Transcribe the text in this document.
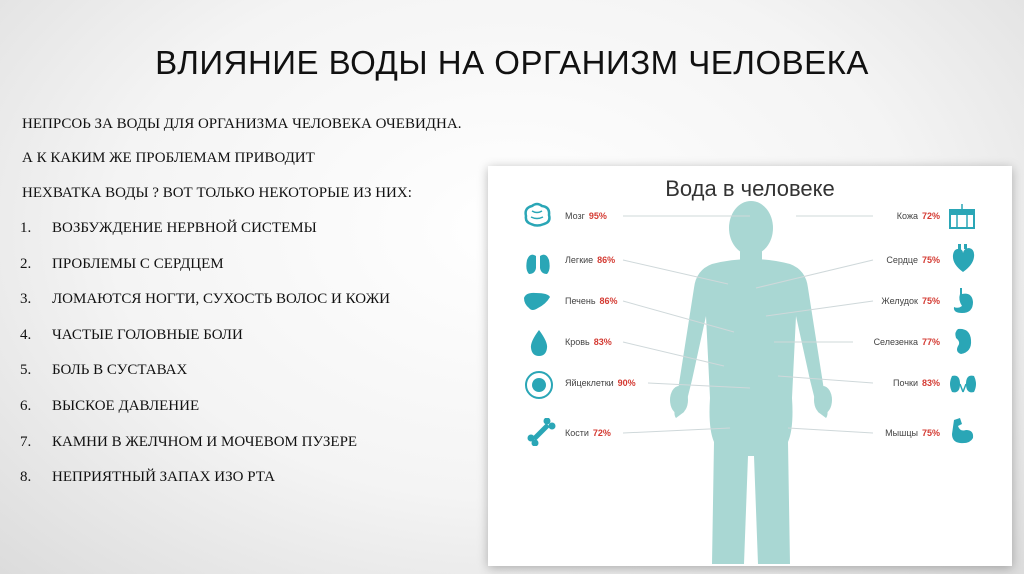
ВЛИЯНИЕ ВОДЫ НА ОРГАНИЗМ ЧЕЛОВЕКА
НЕПРСОЬ ЗА ВОДЫ ДЛЯ ОРГАНИЗМА ЧЕЛОВЕКА ОЧЕВИДНА.
А К КАКИМ ЖЕ ПРОБЛЕМАМ ПРИВОДИТ
НЕХВАТКА ВОДЫ ? ВОТ ТОЛЬКО НЕКОТОРЫЕ ИЗ НИХ:
1.	ВОЗБУЖДЕНИЕ НЕРВНОЙ СИСТЕМЫ
2.	ПРОБЛЕМЫ С СЕРДЦЕМ
3.	ЛОМАЮТСЯ НОГТИ, СУХОСТЬ ВОЛОС И КОЖИ
4.	ЧАСТЫЕ ГОЛОВНЫЕ БОЛИ
5.	БОЛЬ В СУСТАВАХ
6.	ВЫСКОЕ ДАВЛЕНИЕ
7.	КАМНИ В ЖЕЛЧНОМ И МОЧЕВОМ ПУЗЕРЕ
8.	НЕПРИЯТНЫЙ ЗАПАХ ИЗО РТА
Вода в человеке
Мозг 95%
Легкие 86%
Печень 86%
Кровь 83%
Яйцеклетки 90%
Кости 72%
Кожа 72%
Сердце 75%
Желудок 75%
Селезенка 77%
Почки 83%
Мышцы 75%
